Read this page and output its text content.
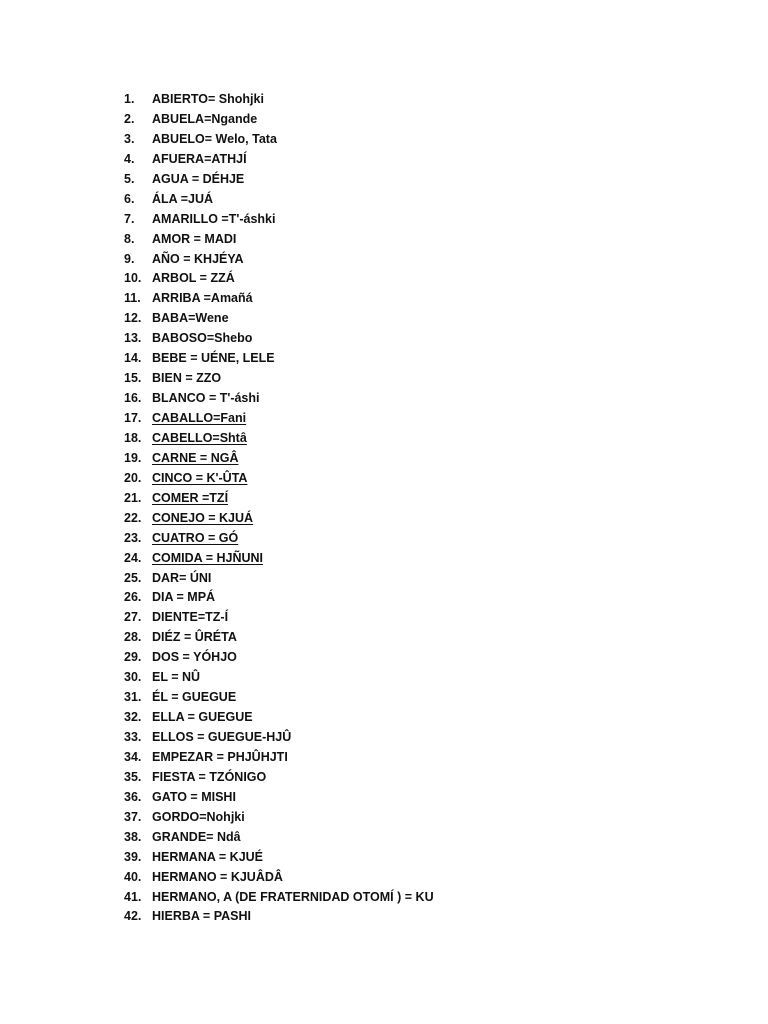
1.	ABIERTO= Shohjki
2.	ABUELA=Ngande
3.	ABUELO= Welo, Tata
4.	AFUERA=ATHJÍ
5.	AGUA = DÉHJE
6.	ÁLA =JUÁ
7.	AMARILLO =T'-áshki
8.	AMOR = MADI
9.	AÑO = KHJÉYA
10. ARBOL = ZZÁ
11. ARRIBA =Amañá
12. BABA=Wene
13. BABOSO=Shebo
14. BEBE = UÉNE, LELE
15. BIEN = ZZO
16. BLANCO = T'-áshi
17. CABALLO=Fani
18. CABELLO=Shtâ
19. CARNE = NGÂ
20. CINCO = K'-ÛTA
21. COMER =TZÍ
22. CONEJO = KJUÁ
23. CUATRO = GÓ
24. COMIDA = HJÑUNI
25. DAR= ÚNI
26. DIA = MPÁ
27. DIENTE=TZ-Í
28. DIÉZ = ÛRÉTA
29. DOS = YÓHJO
30. EL = NÛ
31. ÉL = GUEGUE
32. ELLA = GUEGUE
33. ELLOS = GUEGUE-HJÛ
34. EMPEZAR = PHJÛHJTI
35. FIESTA = TZÓNIGO
36. GATO = MISHI
37. GORDO=Nohjki
38. GRANDE= Ndâ
39. HERMANA = KJUÉ
40. HERMANO = KJUÂDÂ
41. HERMANO, A (DE FRATERNIDAD OTOMÍ ) = KU
42. HIERBA = PASHI
